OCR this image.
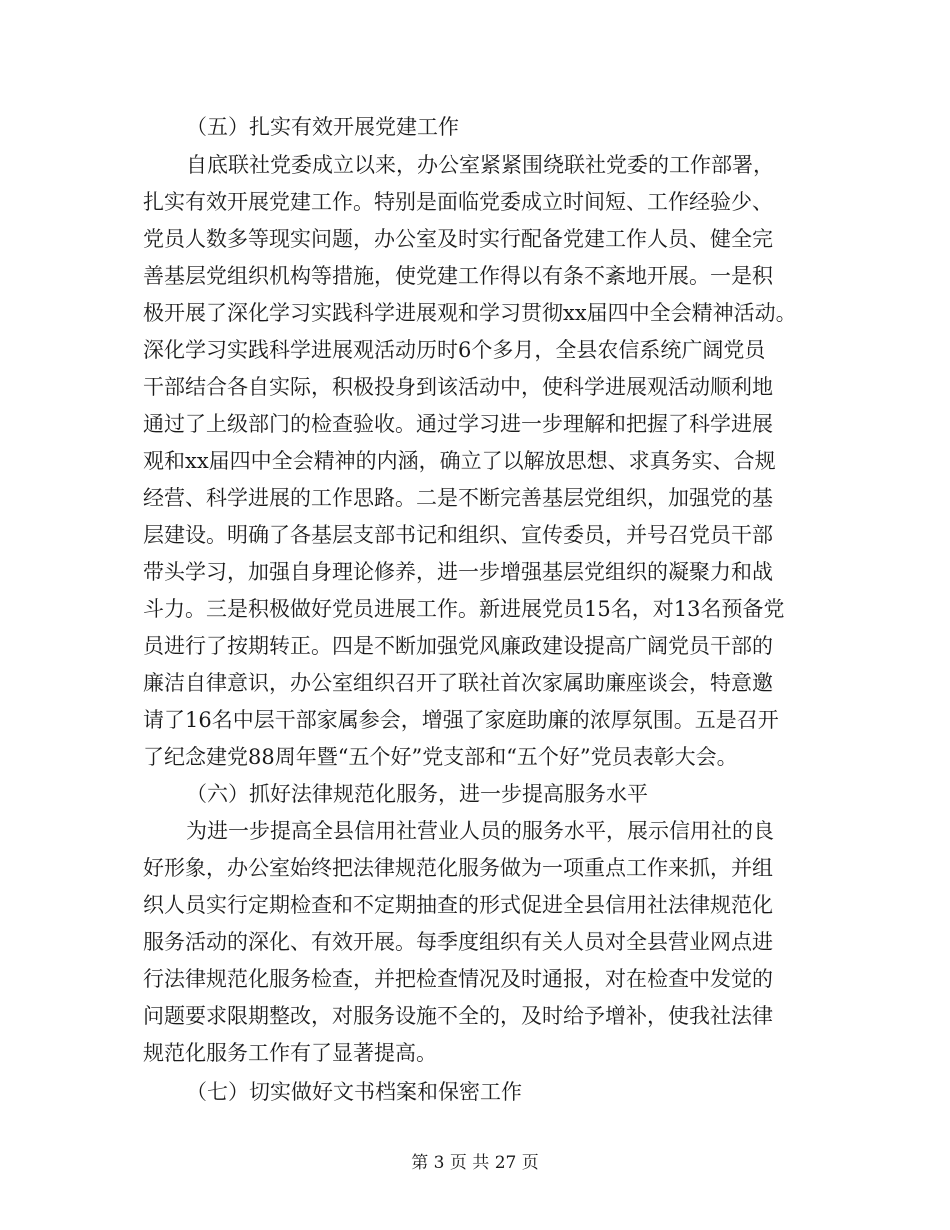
（五）扎实有效开展党建工作
自底联社党委成立以来，办公室紧紧围绕联社党委的工作部署，
扎实有效开展党建工作。特别是面临党委成立时间短、工作经验少、
党员人数多等现实问题，办公室及时实行配备党建工作人员、健全完
善基层党组织机构等措施，使党建工作得以有条不紊地开展。一是积
极开展了深化学习实践科学进展观和学习贯彻xx届四中全会精神活动。
深化学习实践科学进展观活动历时6个多月，全县农信系统广阔党员
干部结合各自实际，积极投身到该活动中，使科学进展观活动顺利地
通过了上级部门的检查验收。通过学习进一步理解和把握了科学进展
观和xx届四中全会精神的内涵，确立了以解放思想、求真务实、合规
经营、科学进展的工作思路。二是不断完善基层党组织，加强党的基
层建设。明确了各基层支部书记和组织、宣传委员，并号召党员干部
带头学习，加强自身理论修养，进一步增强基层党组织的凝聚力和战
斗力。三是积极做好党员进展工作。新进展党员15名，对13名预备党
员进行了按期转正。四是不断加强党风廉政建设提高广阔党员干部的
廉洁自律意识，办公室组织召开了联社首次家属助廉座谈会，特意邀
请了16名中层干部家属参会，增强了家庭助廉的浓厚氛围。五是召开
了纪念建党88周年暨“五个好”党支部和“五个好”党员表彰大会。
（六）抓好法律规范化服务，进一步提高服务水平
为进一步提高全县信用社营业人员的服务水平，展示信用社的良
好形象，办公室始终把法律规范化服务做为一项重点工作来抓，并组
织人员实行定期检查和不定期抽查的形式促进全县信用社法律规范化
服务活动的深化、有效开展。每季度组织有关人员对全县营业网点进
行法律规范化服务检查，并把检查情况及时通报，对在检查中发觉的
问题要求限期整改，对服务设施不全的，及时给予增补，使我社法律
规范化服务工作有了显著提高。
（七）切实做好文书档案和保密工作
第 3 页 共 27 页
